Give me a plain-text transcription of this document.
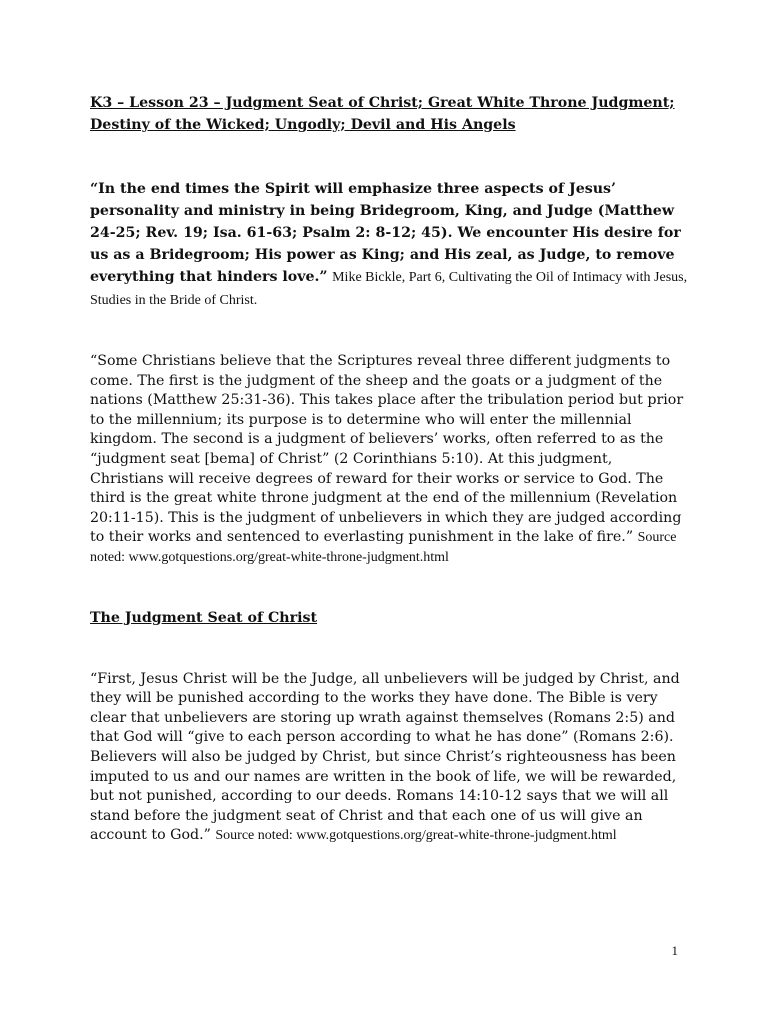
K3 – Lesson 23 – Judgment Seat of Christ; Great White Throne Judgment; Destiny of the Wicked; Ungodly; Devil and His Angels
“In the end times the Spirit will emphasize three aspects of Jesus’ personality and ministry in being Bridegroom, King, and Judge (Matthew 24-25; Rev. 19; Isa. 61-63; Psalm 2: 8-12; 45). We encounter His desire for us as a Bridegroom; His power as King; and His zeal, as Judge, to remove everything that hinders love.” Mike Bickle, Part 6, Cultivating the Oil of Intimacy with Jesus, Studies in the Bride of Christ.
“Some Christians believe that the Scriptures reveal three different judgments to come. The first is the judgment of the sheep and the goats or a judgment of the nations (Matthew 25:31-36). This takes place after the tribulation period but prior to the millennium; its purpose is to determine who will enter the millennial kingdom. The second is a judgment of believers’ works, often referred to as the “judgment seat [bema] of Christ” (2 Corinthians 5:10). At this judgment, Christians will receive degrees of reward for their works or service to God. The third is the great white throne judgment at the end of the millennium (Revelation 20:11-15). This is the judgment of unbelievers in which they are judged according to their works and sentenced to everlasting punishment in the lake of fire.” Source noted: www.gotquestions.org/great-white-throne-judgment.html
The Judgment Seat of Christ
“First, Jesus Christ will be the Judge, all unbelievers will be judged by Christ, and they will be punished according to the works they have done. The Bible is very clear that unbelievers are storing up wrath against themselves (Romans 2:5) and that God will “give to each person according to what he has done” (Romans 2:6). Believers will also be judged by Christ, but since Christ’s righteousness has been imputed to us and our names are written in the book of life, we will be rewarded, but not punished, according to our deeds. Romans 14:10-12 says that we will all stand before the judgment seat of Christ and that each one of us will give an account to God.” Source noted: www.gotquestions.org/great-white-throne-judgment.html
1
